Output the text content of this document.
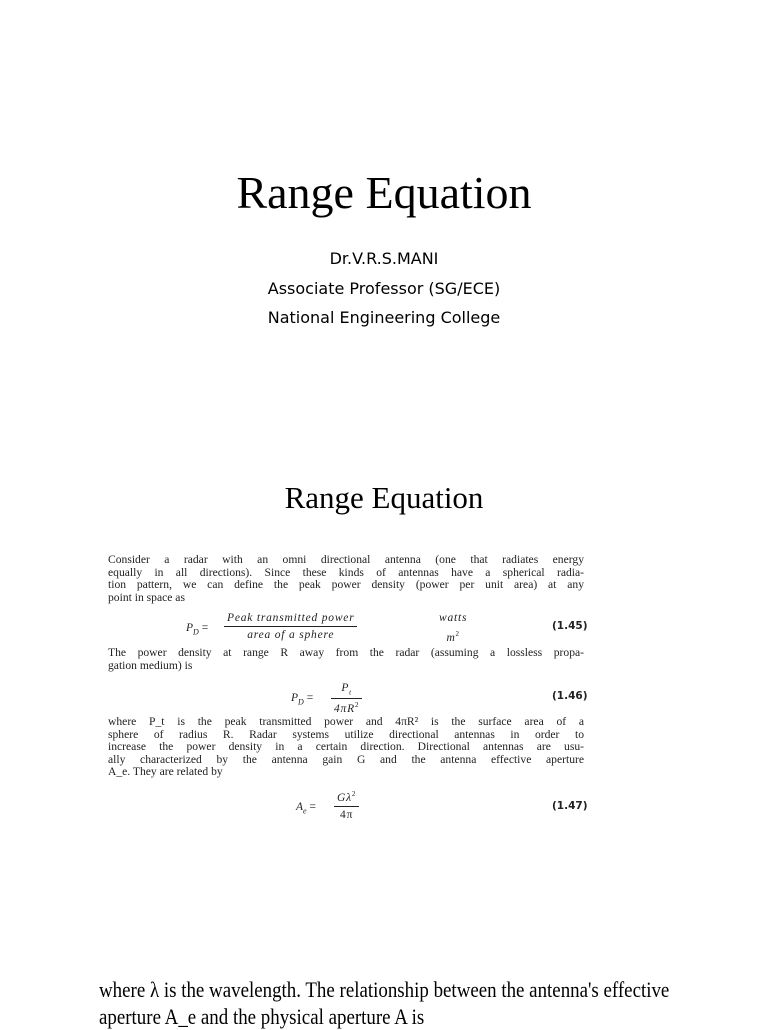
Range Equation
Dr.V.R.S.MANI
Associate Professor (SG/ECE)
National Engineering College
Range Equation
Consider a radar with an omni directional antenna (one that radiates energy
equally in all directions). Since these kinds of antennas have a spherical radia-
tion pattern, we can define the peak power density (power per unit area) at any
point in space as
$P_D$ =
Peak transmitted power
area of a sphere
watts
$m^2$
(1.45)
The power density at range R away from the radar (assuming a lossless propa-
gation medium) is
$P_D = \frac{P_t}{4\pi R^2}$	(1.46)
where P_t is the peak transmitted power and 4πR² is the surface area of a
sphere of radius R. Radar systems utilize directional antennas in order to
increase the power density in a certain direction. Directional antennas are usu-
ally characterized by the antenna gain G and the antenna effective aperture
A_e. They are related by
$A_e = \frac{G\lambda^2}{4\pi}$	(1.47)
where λ is the wavelength. The relationship between the antenna's effective
aperture A_e and the physical aperture A is
